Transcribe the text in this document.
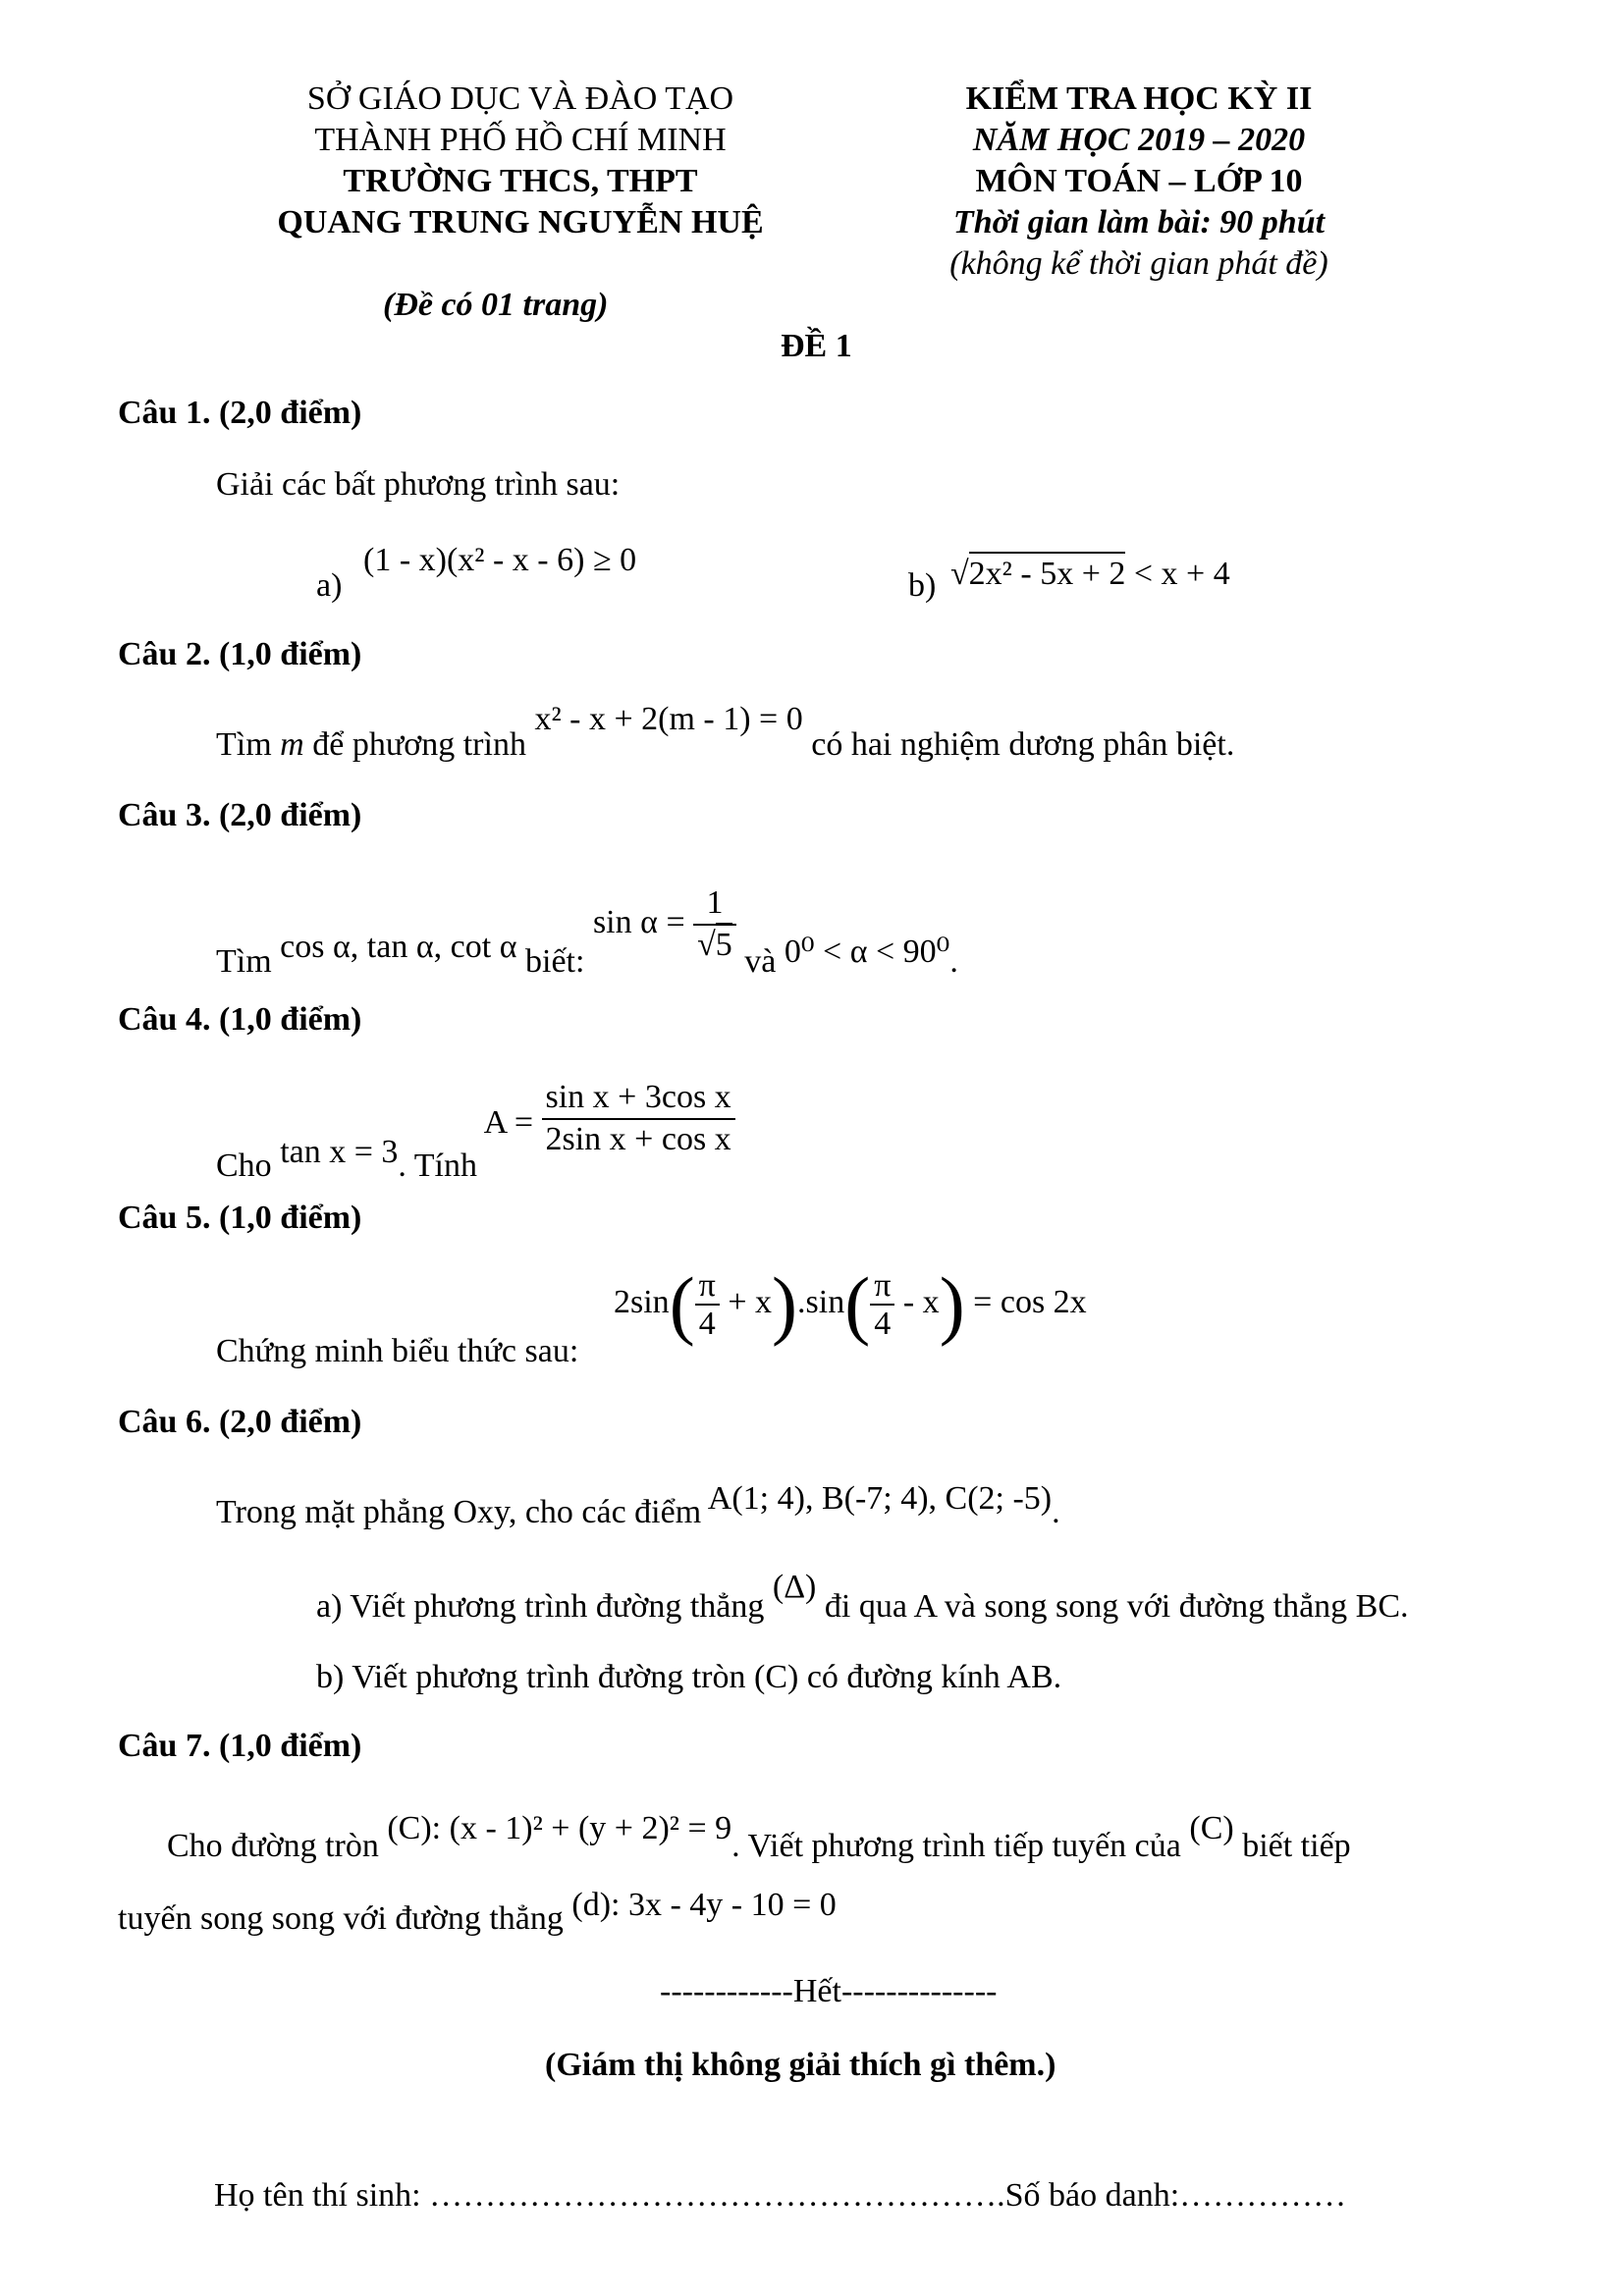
SỞ GIÁO DỤC VÀ ĐÀO TẠO
THÀNH PHỐ HỒ CHÍ MINH
TRƯỜNG THCS, THPT
QUANG TRUNG NGUYỄN HUỆ
(Đề có 01 trang)
KIỂM TRA HỌC KỲ II
NĂM HỌC 2019 – 2020
MÔN TOÁN – LỚP 10
Thời gian làm bài: 90 phút
(không kể thời gian phát đề)
ĐỀ 1
Câu 1. (2,0 điểm)
Giải các bất phương trình sau:
a)
(1 - x)(x² - x - 6) ≥ 0
b) √2x² - 5x + 2 < x + 4
Câu 2. (1,0 điểm)
Tìm m để phương trình x² - x + 2(m - 1) = 0 có hai nghiệm dương phân biệt.
Câu 3. (2,0 điểm)
Tìm cos α, tan α, cot α biết: $\sin \alpha = \frac{1}{√5}$ và 0⁰ < α < 90⁰.
Câu 4. (1,0 điểm)
Cho tan x = 3. Tính $A = \frac{\text{sin x + 3cos x}}{\text{2sin x + cos x}}$
Câu 5. (1,0 điểm)
Chứng minh biểu thức sau:
$2\sin( \frac{\pi}{4} + x).\sin( \frac{\pi}{4} - x) = \cos 2x$
Câu 6. (2,0 điểm)
Trong mặt phẳng Oxy, cho các điểm A(1; 4), B(-7; 4), C(2; -5).
a) Viết phương trình đường thẳng (Δ) đi qua A và song song với đường thẳng BC.
b) Viết phương trình đường tròn (C) có đường kính AB.
Câu 7. (1,0 điểm)
Cho đường tròn (C): (x - 1)² + (y + 2)² = 9. Viết phương trình tiếp tuyến của (C) biết tiếp
tuyến song song với đường thẳng (d): 3x - 4y - 10 = 0
------------Hết--------------
(Giám thị không giải thích gì thêm.)
Họ tên thí sinh: …………………………………………….Số báo danh:……………
